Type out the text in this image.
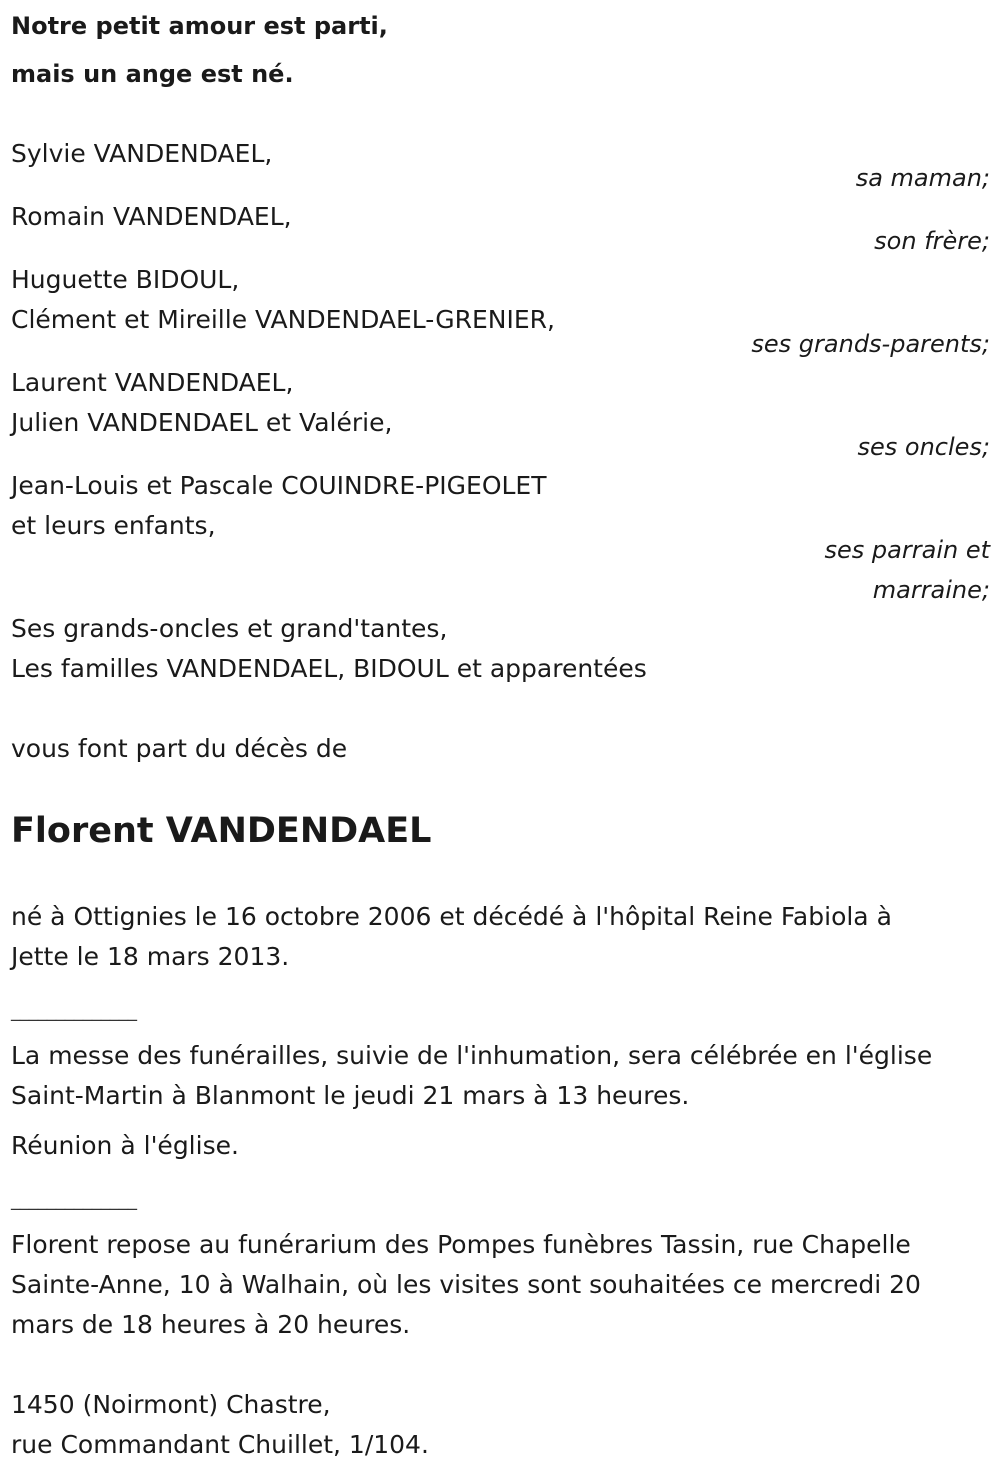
Notre petit amour est parti,
mais un ange est né.
Sylvie VANDENDAEL,
sa maman;
Romain VANDENDAEL,
son frère;
Huguette BIDOUL,
Clément et Mireille VANDENDAEL-GRENIER,
ses grands-parents;
Laurent VANDENDAEL,
Julien VANDENDAEL et Valérie,
ses oncles;
Jean-Louis et Pascale COUINDRE-PIGEOLET
et leurs enfants,
ses parrain et
marraine;
Ses grands-oncles et grand'tantes,
Les familles VANDENDAEL, BIDOUL et apparentées
vous font part du décès de
Florent VANDENDAEL
né à Ottignies le 16 octobre 2006 et décédé à l'hôpital Reine Fabiola à
Jette le 18 mars 2013.
______________
La messe des funérailles, suivie de l'inhumation, sera célébrée en l'église
Saint-Martin à Blanmont le jeudi 21 mars à 13 heures.
Réunion à l'église.
______________
Florent repose au funérarium des Pompes funèbres Tassin, rue Chapelle
Sainte-Anne, 10 à Walhain, où les visites sont souhaitées ce mercredi 20
mars de 18 heures à 20 heures.
1450 (Noirmont) Chastre,
rue Commandant Chuillet, 1/104.
